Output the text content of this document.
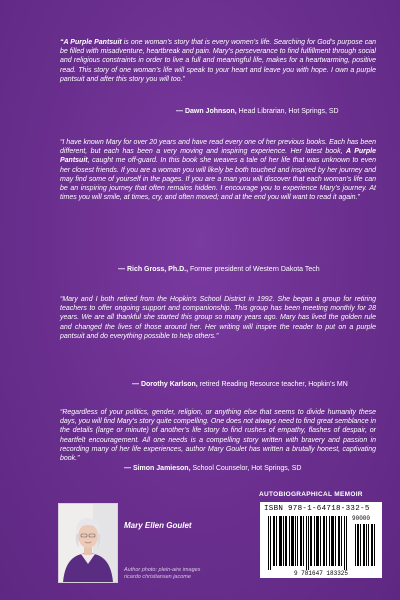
“A Purple Pantsuit is one woman’s story that is every women’s life. Searching for God’s purpose can be filled with misadventure, heartbreak and pain. Mary’s perseverance to find fulfillment through social and religious constraints in order to live a full and meaningful life, makes for a heartwarming, positive read. This story of one woman’s life will speak to your heart and leave you with hope. I own a purple pantsuit and after this story you will too.”
— Dawn Johnson, Head Librarian, Hot Springs, SD
“I have known Mary for over 20 years and have read every one of her previous books. Each has been different, but each has been a very moving and inspiring experience. Her latest book, A Purple Pantsuit, caught me off-guard. In this book she weaves a tale of her life that was unknown to even her closest friends. If you are a woman you will likely be both touched and inspired by her journey and may find some of yourself in the pages. If you are a man you will discover that each woman’s life can be an inspiring journey that often remains hidden. I encourage you to experience Mary’s journey. At times you will smile, at times, cry, and often moved; and at the end you will want to read it again.”
— Rich Gross, Ph.D., Former president of Western Dakota Tech
“Mary and I both retired from the Hopkin’s School District in 1992. She began a group for retiring teachers to offer ongoing support and companionship. This group has been meeting monthly for 28 years. We are all thankful she started this group so many years ago. Mary has lived the golden rule and changed the lives of those around her. Her writing will inspire the reader to put on a purple pantsuit and do everything possible to help others.”
— Dorothy Karlson, retired Reading Resource teacher, Hopkin’s MN
“Regardless of your politics, gender, religion, or anything else that seems to divide humanity these days, you will find Mary’s story quite compelling. One does not always need to find great semblance in the details (large or minute) of another’s life story to find rushes of empathy, flashes of despair, or heartfelt encouragement. All one needs is a compelling story written with bravery and passion in recording many of her life experiences, author Mary Goulet has written a brutally honest, captivating book.”
— Simon Jamieson, School Counselor, Hot Springs, SD
Mary Ellen Goulet
Author photo: plein-aire images
ricardo christiansen jacome
AUTOBIOGRAPHICAL MEMOIR
ISBN 978-1-64718-332-5
90000
9 781647 183325
